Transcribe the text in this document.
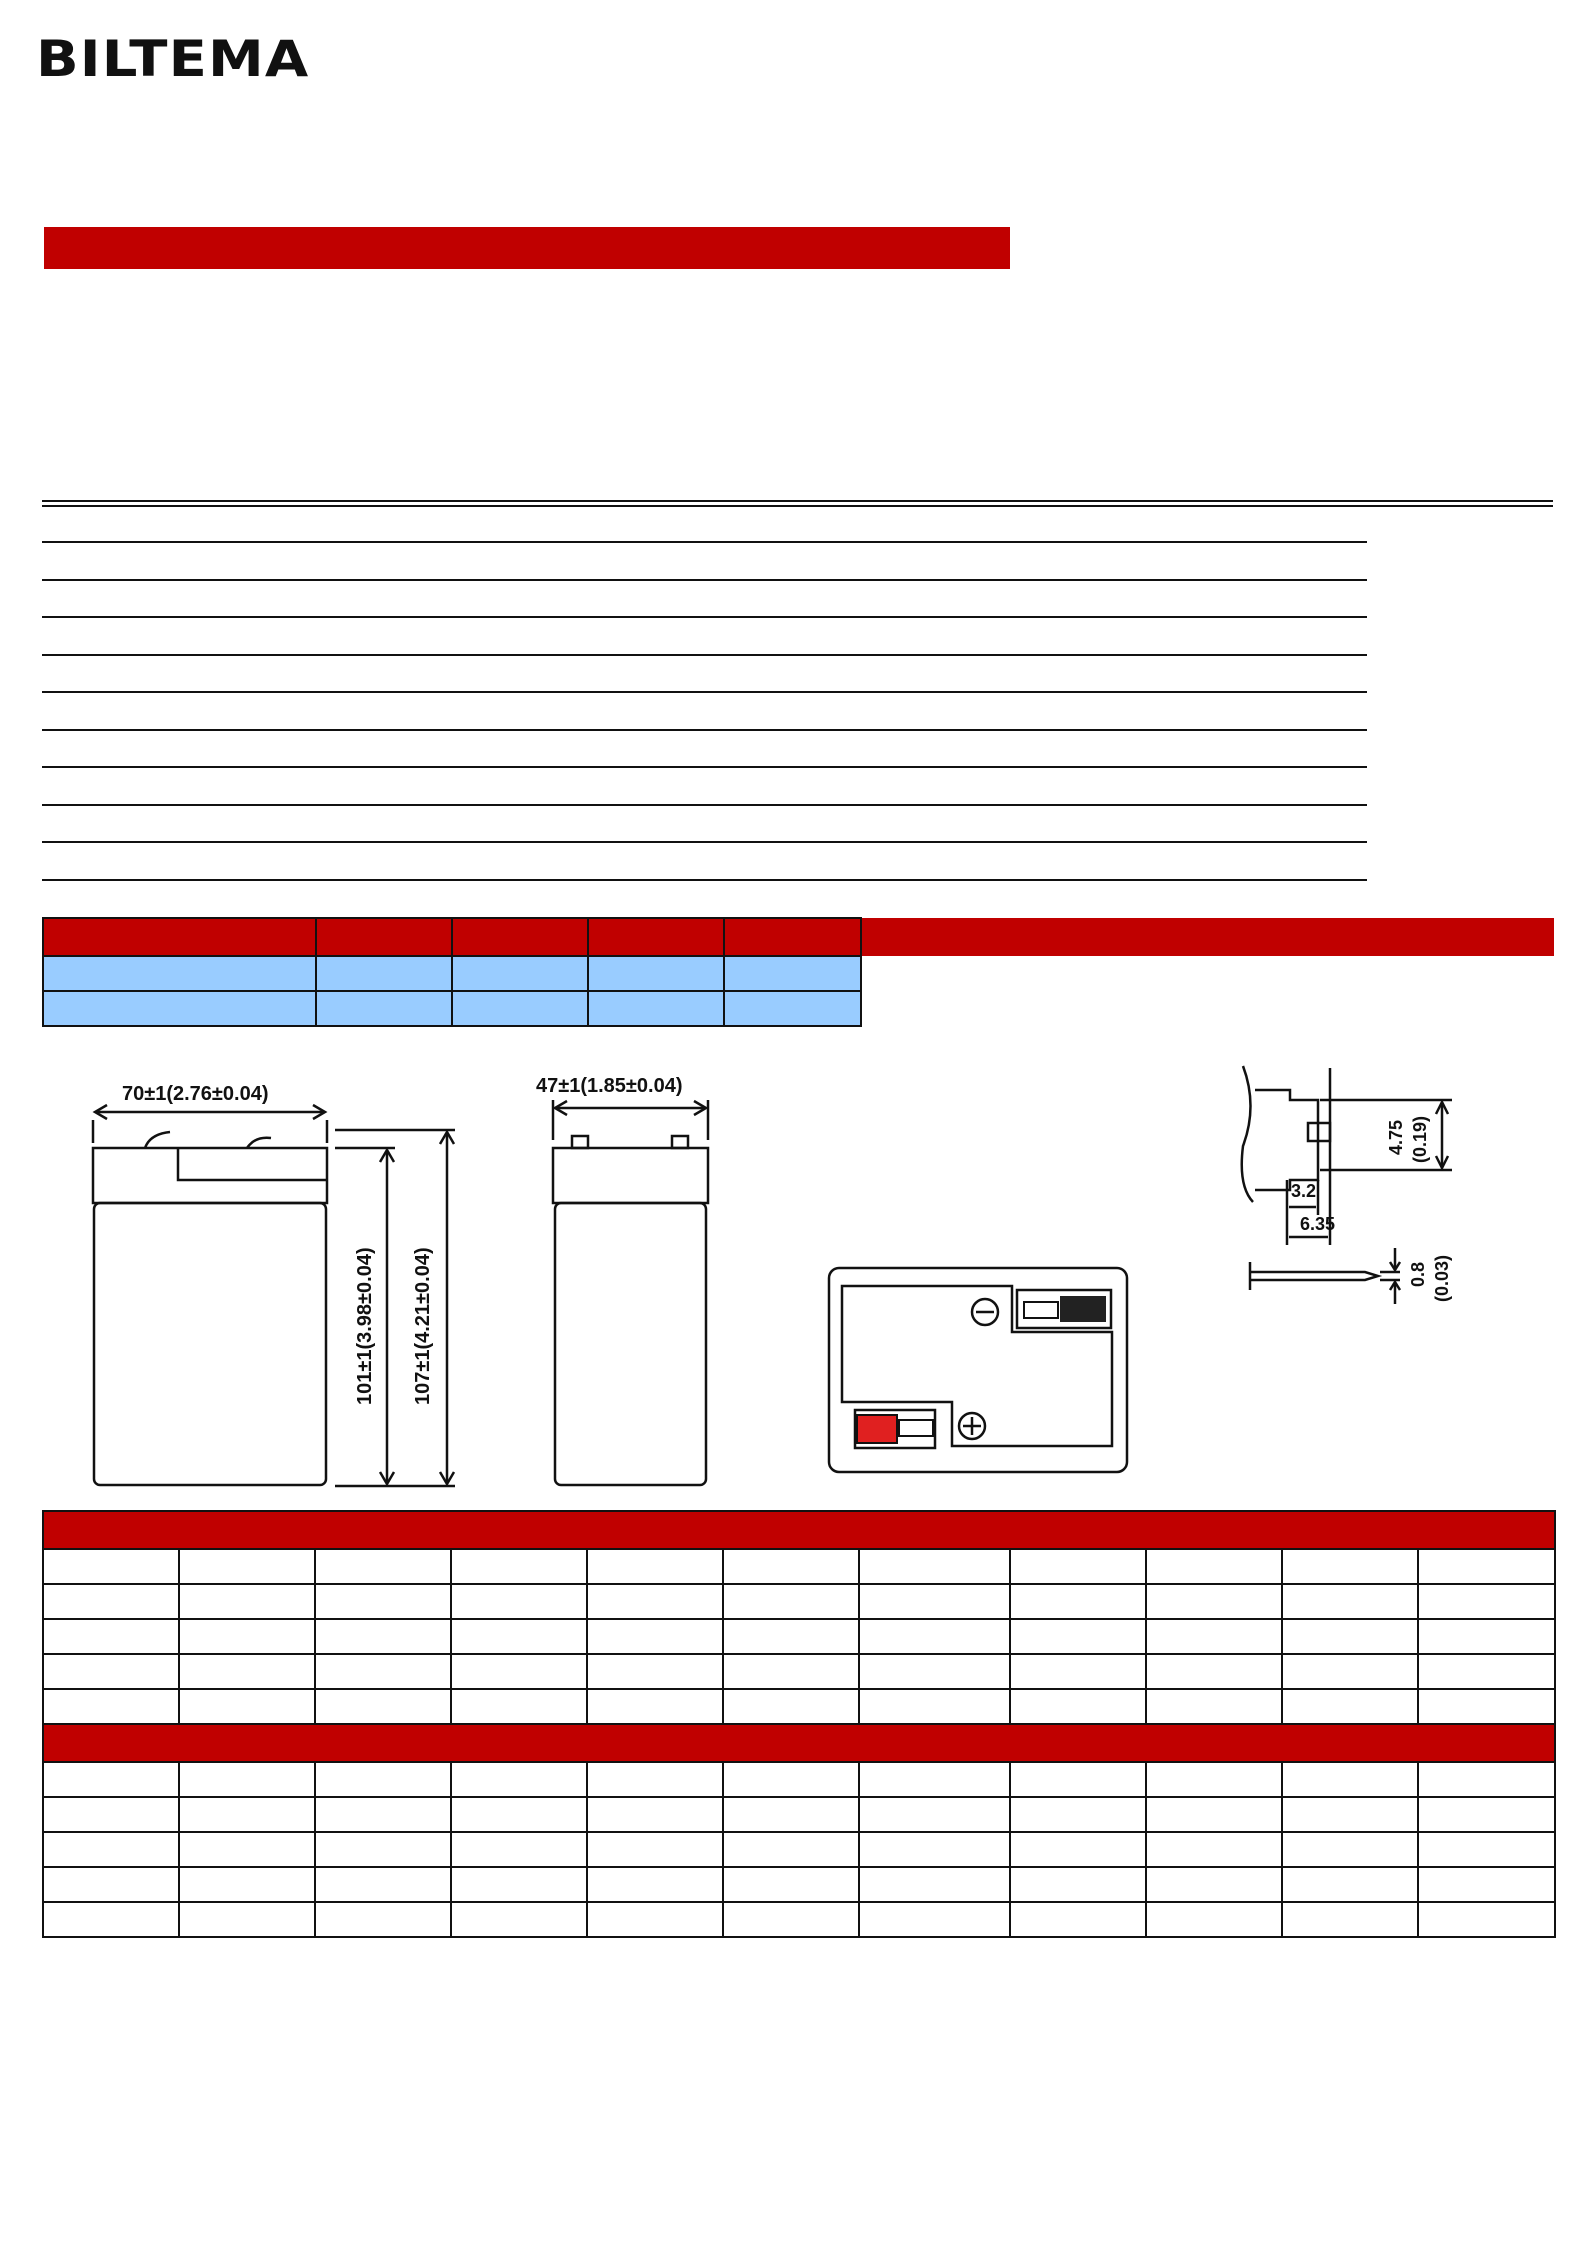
BILTEMA

70±1(2.76±0.04)	47±1(1.85±0.04)
101±1(3.98±0.04) 107±1(4.21±0.04)
4.75 (0.19)
3.2
6.35
0.8 (0.03)
